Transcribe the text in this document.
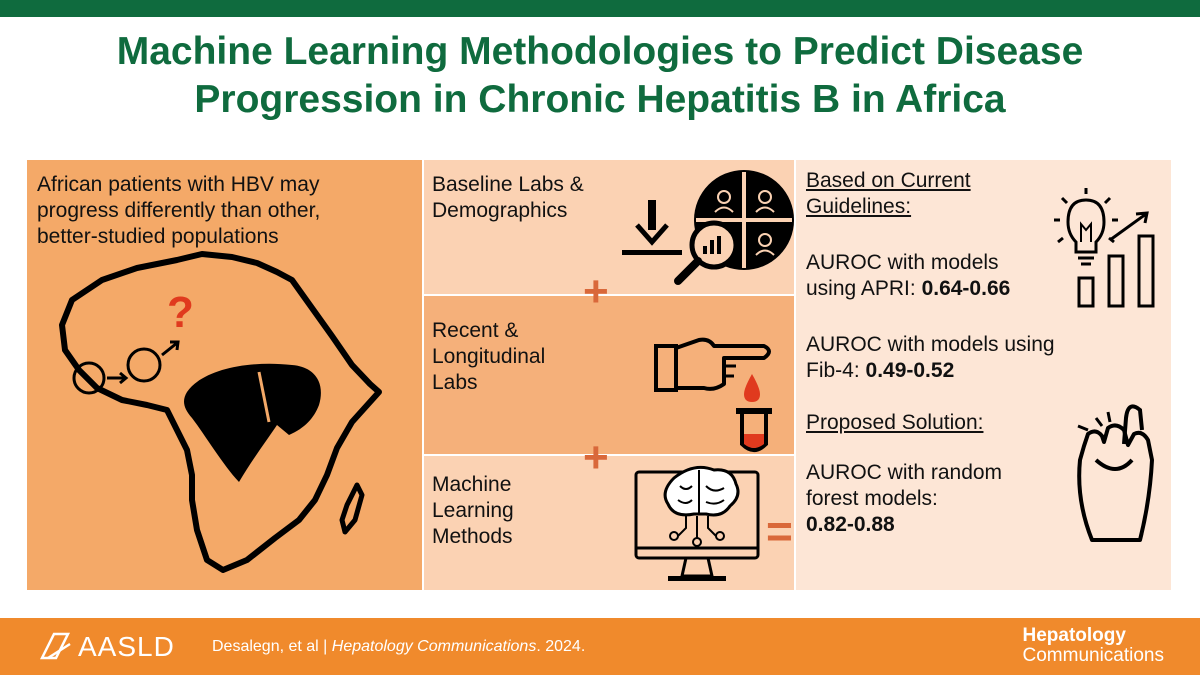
Machine Learning Methodologies to Predict Disease
Progression in Chronic Hepatitis B in Africa
African patients with HBV may
progress differently than other,
better-studied populations
?
Baseline Labs &
Demographics
Recent &
Longitudinal
Labs
Machine
Learning
Methods
+
+
=
Based on Current
Guidelines:
AUROC with models
using APRI: 0.64-0.66
AUROC with models using
Fib-4: 0.49-0.52
Proposed Solution:
AUROC with random
forest models:
0.82-0.88
AASLD Desalegn, et al | Hepatology Communications. 2024.
Hepatology
Communications
